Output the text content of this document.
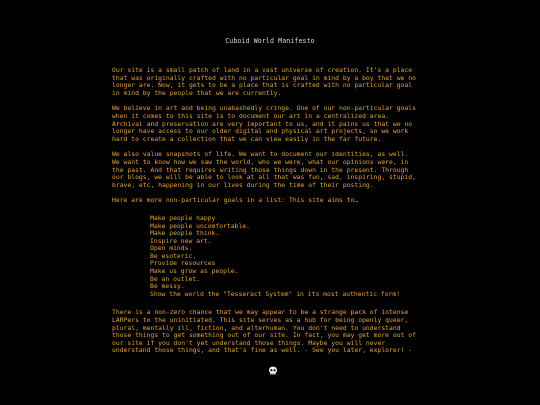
Cuboid World Manifesto

Our site is a small patch of land in a vast universe of creation. It's a place
that was originally crafted with no particular goal in mind by a boy that we no
longer are. Now, it gets to be a place that is crafted with no particular goal
in mind by the people that we are currently.

We believe in art and being unabashedly cringe. One of our non-particular goals
when it comes to this site is to document our art in a centralized area.
Archival and preservation are very important to us, and it pains us that we no
longer have access to our older digital and physical art projects, so we work
hard to create a collection that we can view easily in the far future.

We also value snapshots of life. We want to document our identities, as well.
We want to know how we saw the world, who we were, what our opinions were, in
the past. And that requires writing those things down in the present. Through
our blogs, we will be able to look at all that was fun, sad, inspiring, stupid,
brave, etc, happening in our lives during the time of their posting.

Here are more non-particular goals in a list: This site aims to…

Make people happy
Make people uncomfortable.
Make people think.
Inspire new art.
Open minds.
Be esoteric.
Provide resources
Make us grow as people.
Be an outlet.
Be messy.
Show the world the "Tesseract System" in its most authentic form!

There is a non-zero chance that we may appear to be a strange pack of intense
LARPers to the uninitiated. This site serves as a hub for being openly queer,
plural, mentally ill, fiction, and alterhuman. You don't need to understand
those things to get something out of our site. In fact, you may get more out of
our site if you don't yet understand those things. Maybe you will never
understand those things, and that's fine as well. - See you later, explorer! -
